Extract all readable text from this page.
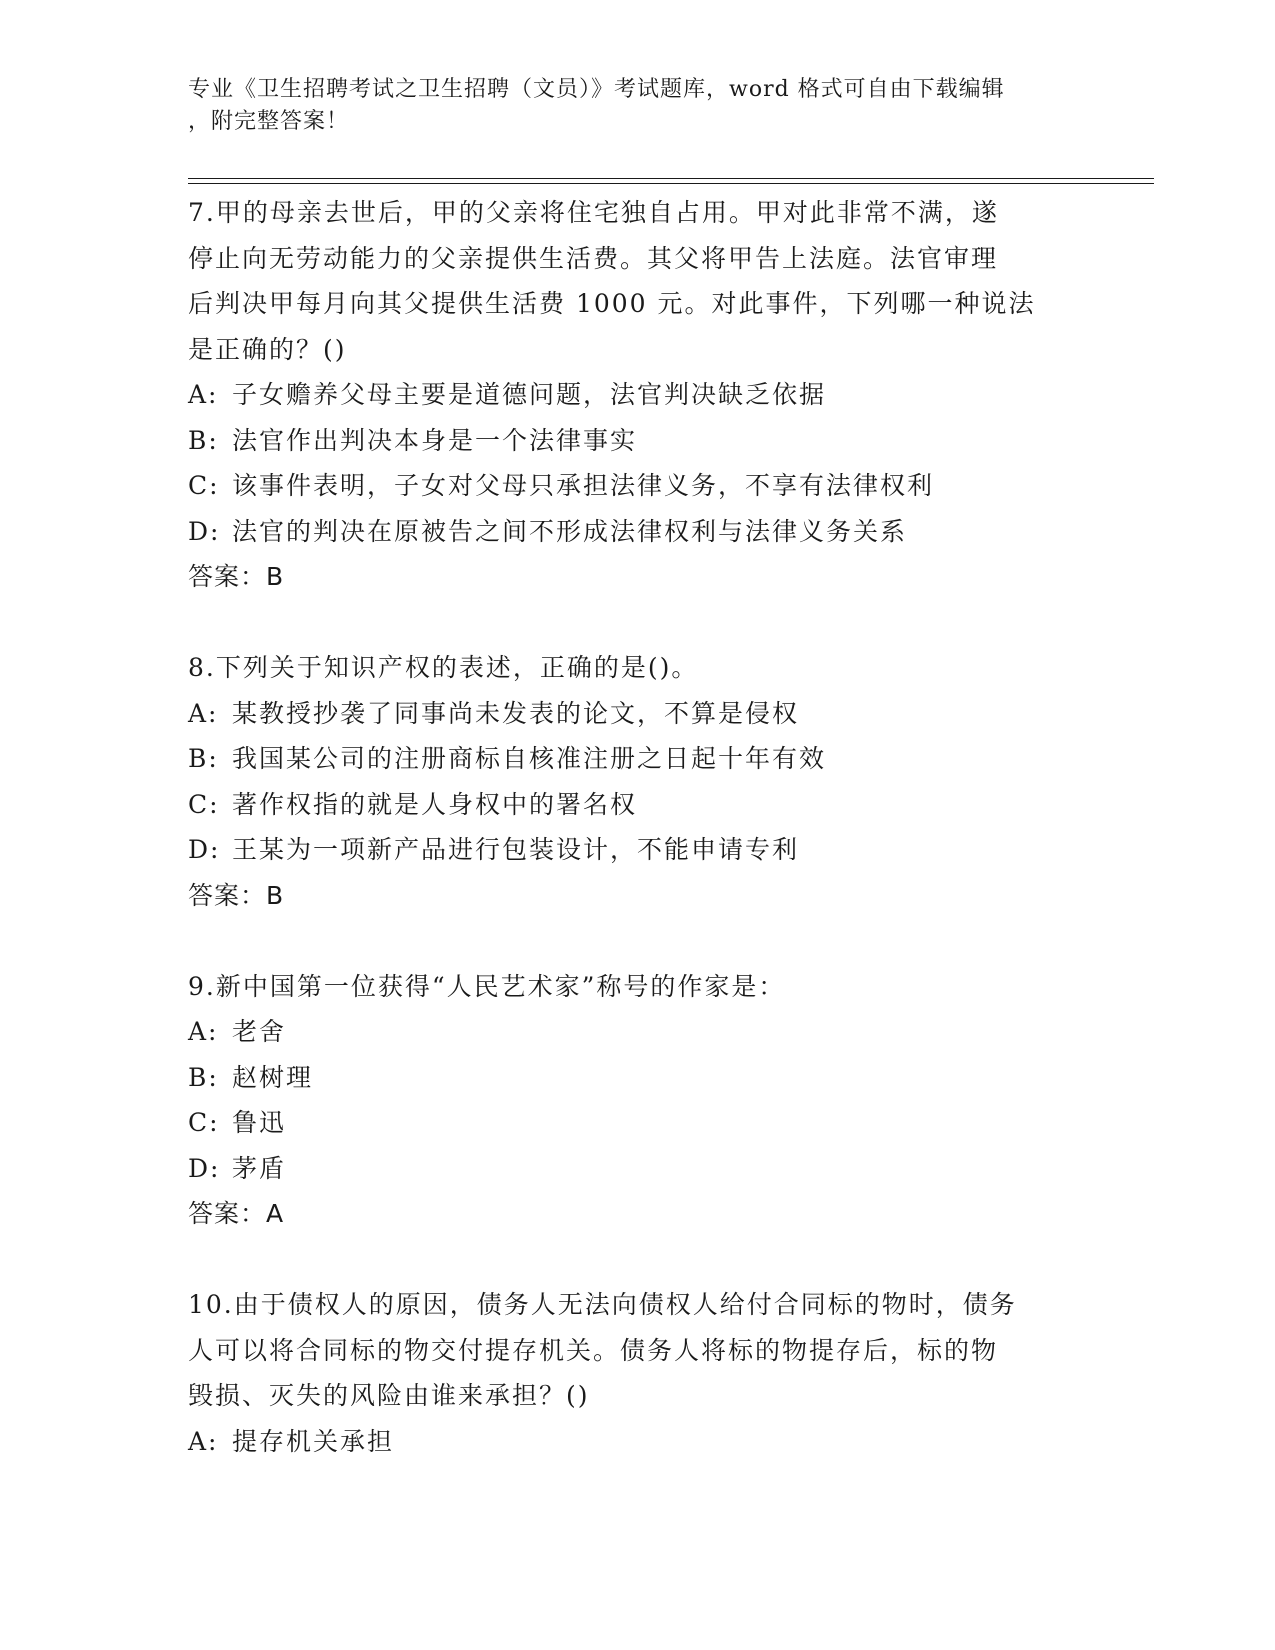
专业《卫生招聘考试之卫生招聘（文员）》考试题库，word 格式可自由下载编辑
，附完整答案！
7.甲的母亲去世后，甲的父亲将住宅独自占用。甲对此非常不满，遂
停止向无劳动能力的父亲提供生活费。其父将甲告上法庭。法官审理
后判决甲每月向其父提供生活费 1000 元。对此事件，下列哪一种说法
是正确的？()
A: 子女赡养父母主要是道德问题，法官判决缺乏依据
B: 法官作出判决本身是一个法律事实
C: 该事件表明，子女对父母只承担法律义务，不享有法律权利
D: 法官的判决在原被告之间不形成法律权利与法律义务关系
答案：B
8.下列关于知识产权的表述，正确的是()。
A: 某教授抄袭了同事尚未发表的论文，不算是侵权
B: 我国某公司的注册商标自核准注册之日起十年有效
C: 著作权指的就是人身权中的署名权
D: 王某为一项新产品进行包装设计，不能申请专利
答案：B
9.新中国第一位获得“人民艺术家”称号的作家是：
A: 老舍
B: 赵树理
C: 鲁迅
D: 茅盾
答案：A
10.由于债权人的原因，债务人无法向债权人给付合同标的物时，债务
人可以将合同标的物交付提存机关。债务人将标的物提存后，标的物
毁损、灭失的风险由谁来承担？()
A: 提存机关承担
